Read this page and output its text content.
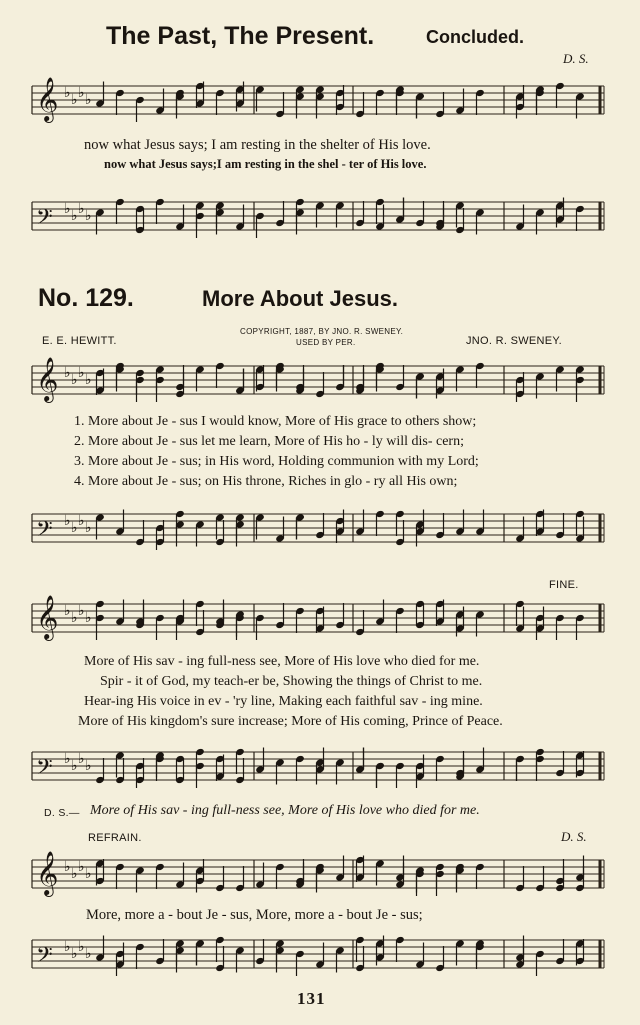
The Past, The Present.	Concluded.
D. S.
𝄞 ♭ ♭ ♭ ♭
now what Jesus says; I am resting in the shelter of His love.
now what Jesus says;I am resting in the shel - ter of His love.
𝄢 ♭ ♭ ♭ ♭
No. 129.	More About Jesus.
E. E. HEWITT.
COPYRIGHT, 1887, BY JNO. R. SWENEY.
USED BY PER.	JNO. R. SWENEY.
𝄞 ♭ ♭ ♭ ♭
1. More about Je - sus I would know, More of His grace to others show;
2. More about Je - sus let me learn, More of His ho - ly will dis- cern;
3. More about Je - sus; in His word, Holding communion with my Lord;
4. More about Je - sus; on His throne, Riches in glo - ry all His own;
𝄢 ♭ ♭ ♭ ♭
FINE.
𝄞 ♭ ♭ ♭ ♭
More of His sav - ing full-ness see, More of His love who died for me.
Spir - it of God, my teach-er be, Showing the things of Christ to me.
Hear-ing His voice in ev - 'ry line, Making each faithful sav - ing mine.
More of His kingdom's sure increase; More of His coming, Prince of Peace.
𝄢 ♭ ♭ ♭ ♭
D. S.— More of His sav - ing full-ness see, More of His love who died for me.
REFRAIN.	D. S.
𝄞 ♭ ♭ ♭ ♭
More, more a - bout Je - sus, More, more a - bout Je - sus;
𝄢 ♭ ♭ ♭ ♭
131
